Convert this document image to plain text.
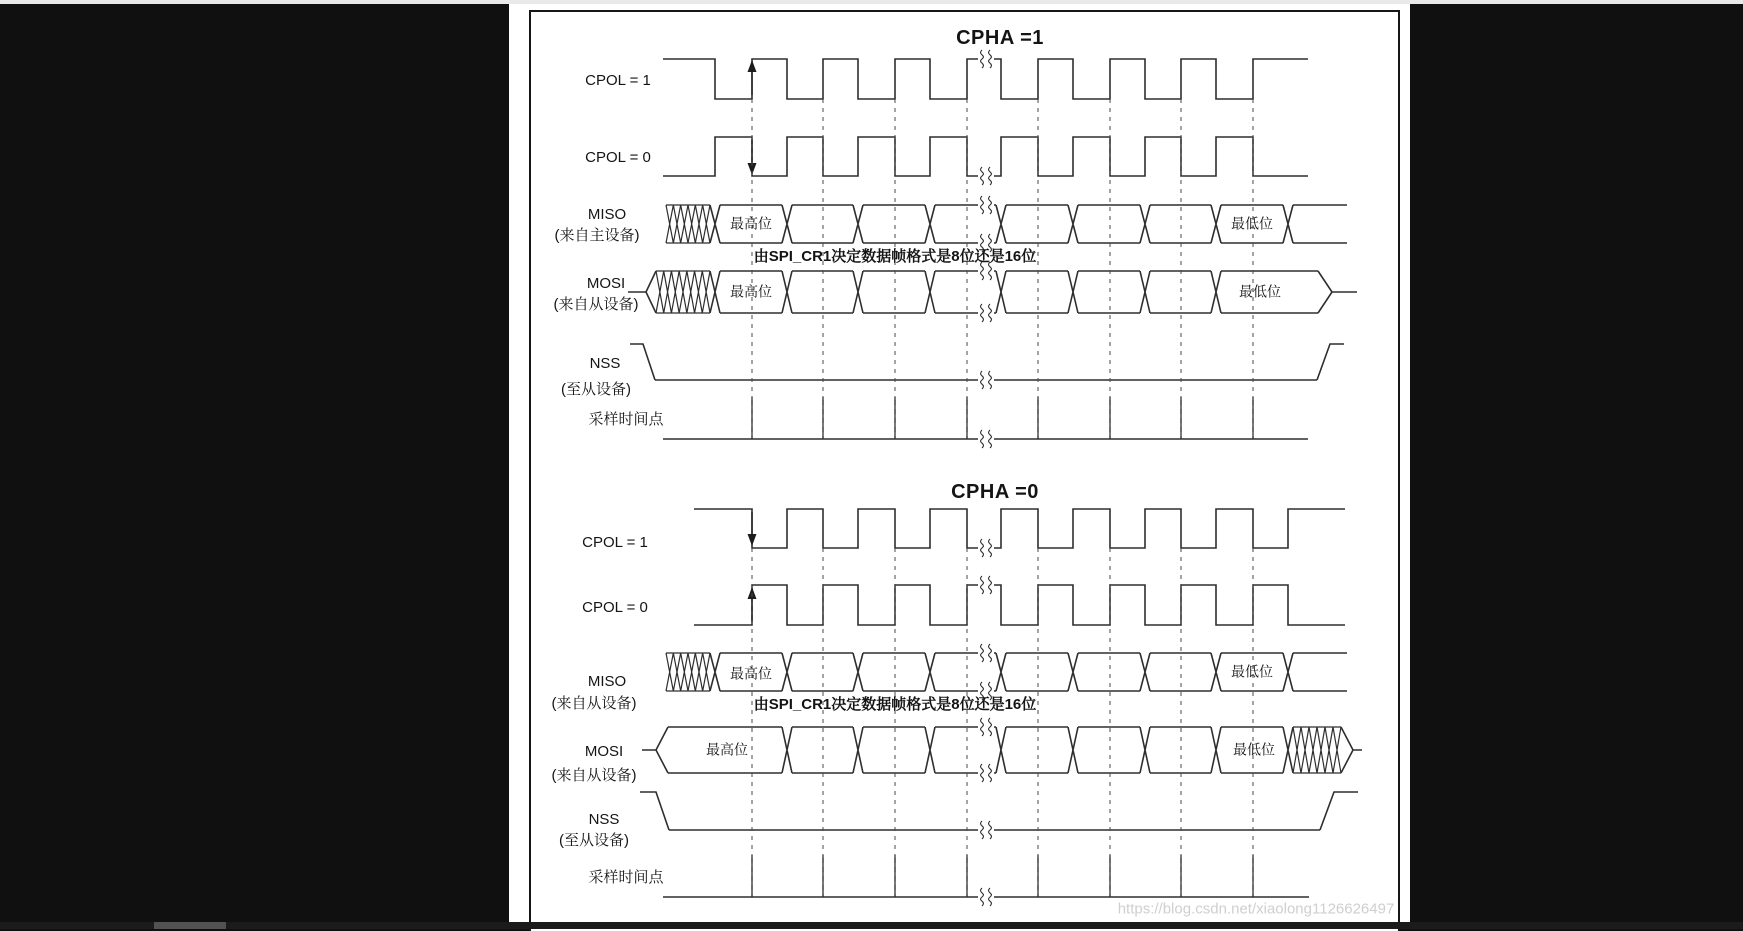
CPHA =1
CPOL = 1
CPOL = 0
MISO
(来自主设备)
最高位	最低位
由SPI_CR1决定数据帧格式是8位还是16位
MOSI
(来自从设备)
最高位	最低位
NSS
(至从设备)
采样时间点
CPHA =0
CPOL = 1
CPOL = 0
MISO
(来自从设备)
最高位	最低位
由SPI_CR1决定数据帧格式是8位还是16位
MOSI
(来自从设备)
最高位	最低位
NSS
(至从设备)
采样时间点
https://blog.csdn.net/xiaolong1126626497
